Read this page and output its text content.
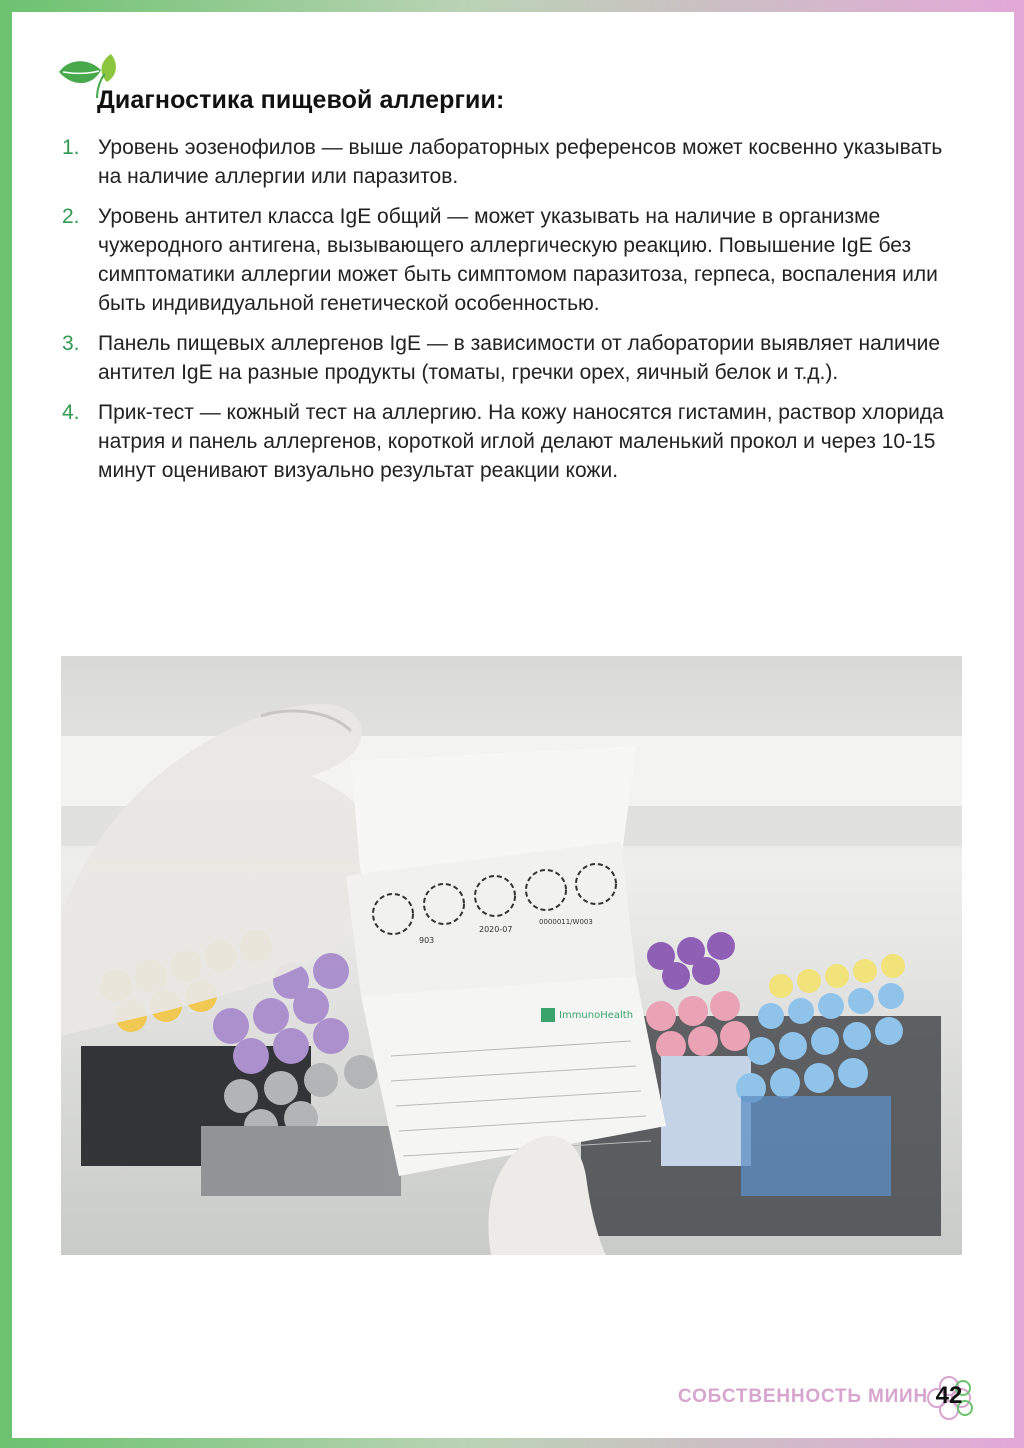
Диагностика пищевой аллергии:
1. Уровень эозенофилов — выше лабораторных референсов может косвенно указывать на наличие аллергии или паразитов.
2. Уровень антител класса IgE общий — может указывать на наличие в организме чужеродного антигена, вызывающего аллергическую реакцию. Повышение IgE без симптоматики аллергии может быть симптомом паразитоза, герпеса, воспаления или быть индивидуальной генетической особенностью.
3. Панель пищевых аллергенов IgE — в зависимости от лаборатории выявляет наличие антител IgE на разные продукты (томаты, гречки орех, яичный белок и т.д.).
4. Прик-тест — кожный тест на аллергию. На кожу наносятся гистамин, раствор хлорида натрия и панель аллергенов, короткой иглой делают маленький прокол и через 10-15 минут оценивают визуально результат реакции кожи.
903
2020-07
0000011/W003
ImmunoHealth
СОБСТВЕННОСТЬ МИИН 42
